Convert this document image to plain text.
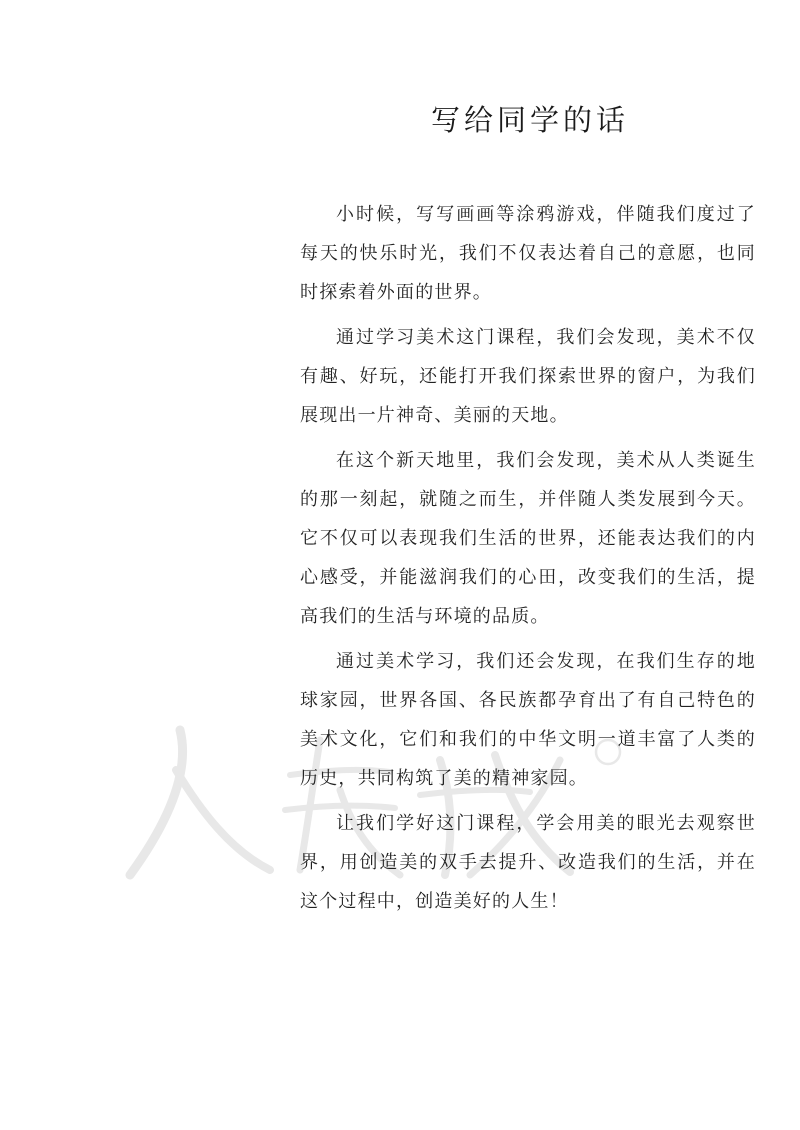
写给同学的话

小时候，写写画画等涂鸦游戏，伴随我们度过了每天的快乐时光，我们不仅表达着自己的意愿，也同时探索着外面的世界。

通过学习美术这门课程，我们会发现，美术不仅有趣、好玩，还能打开我们探索世界的窗户，为我们展现出一片神奇、美丽的天地。

在这个新天地里，我们会发现，美术从人类诞生的那一刻起，就随之而生，并伴随人类发展到今天。它不仅可以表现我们生活的世界，还能表达我们的内心感受，并能滋润我们的心田，改变我们的生活，提高我们的生活与环境的品质。

通过美术学习，我们还会发现，在我们生存的地球家园，世界各国、各民族都孕育出了有自己特色的美术文化，它们和我们的中华文明一道丰富了人类的历史，共同构筑了美的精神家园。

让我们学好这门课程，学会用美的眼光去观察世界，用创造美的双手去提升、改造我们的生活，并在这个过程中，创造美好的人生！
